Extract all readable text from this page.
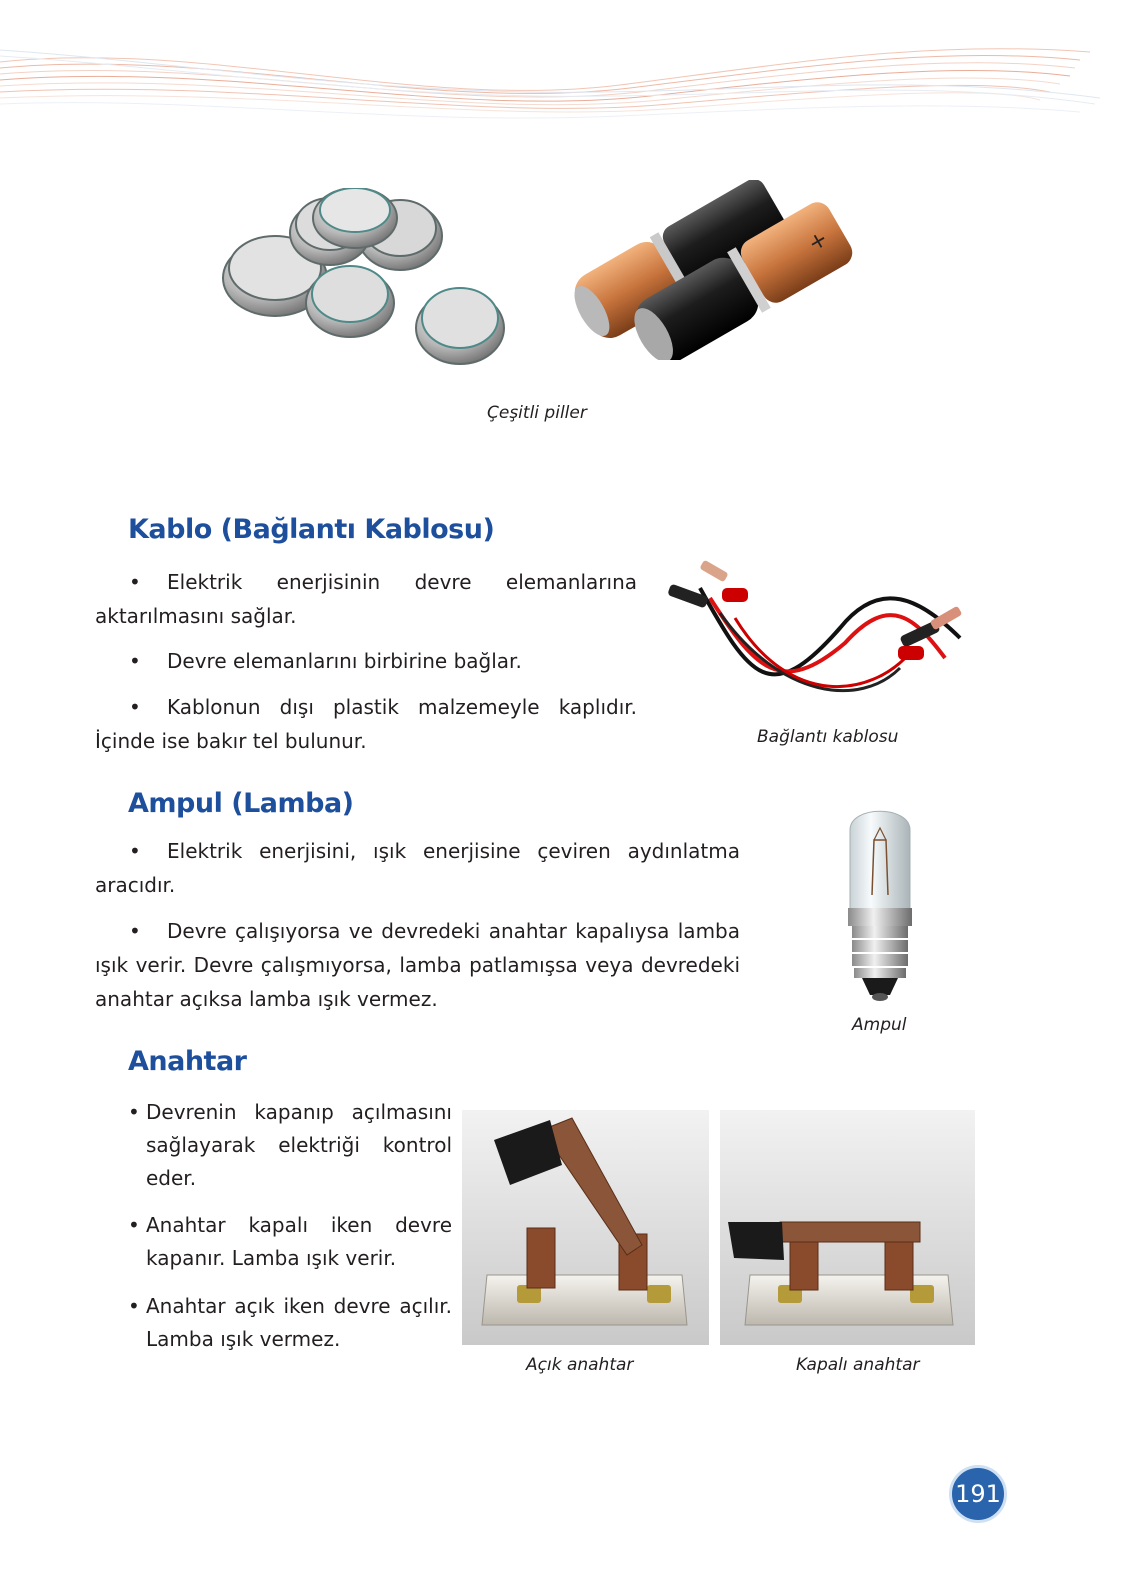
+
Çeşitli piller
Kablo (Bağlantı Kablosu)

• Elektrik enerjisinin devre elemanlarına aktarılmasını sağlar.

• Devre elemanlarını birbirine bağlar.

• Kablonun dışı plastik malzemeyle kaplıdır. İçinde ise bakır tel bulunur.	Bağlantı kablosu
Ampul (Lamba)

• Elektrik enerjisini, ışık enerjisine çeviren aydınlatma aracıdır.

• Devre çalışıyorsa ve devredeki anahtar kapalıysa lamba ışık verir. Devre çalışmıyorsa, lamba patlamışsa veya devredeki anahtar açıksa lamba ışık vermez.

Ampul
Anahtar

• Devrenin kapanıp açılmasını sağlayarak elektriği kontrol eder.

• Anahtar kapalı iken devre kapanır. Lamba ışık verir.

• Anahtar açık iken devre açılır. Lamba ışık vermez.

Açık anahtar	Kapalı anahtar
191
